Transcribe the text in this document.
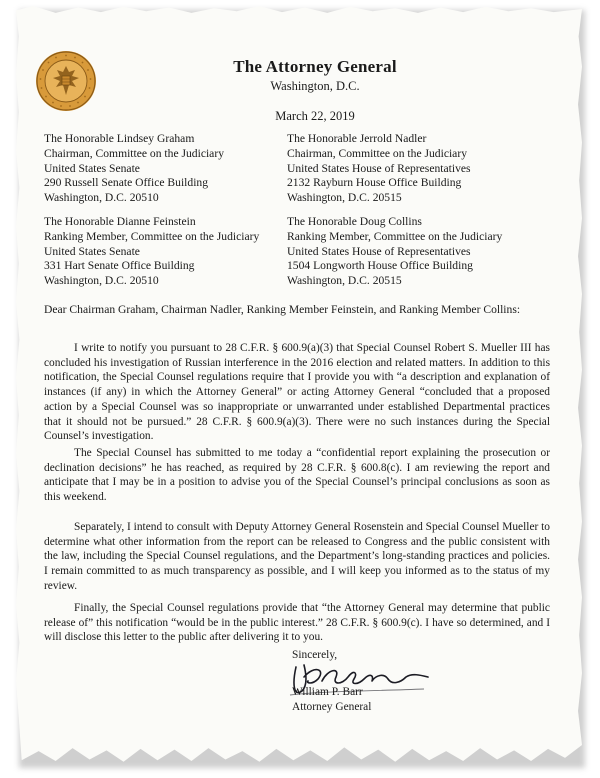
The Attorney General
Washington, D.C.
March 22, 2019
The Honorable Lindsey Graham
Chairman, Committee on the Judiciary
United States Senate
290 Russell Senate Office Building
Washington, D.C. 20510
The Honorable Jerrold Nadler
Chairman, Committee on the Judiciary
United States House of Representatives
2132 Rayburn House Office Building
Washington, D.C. 20515
The Honorable Dianne Feinstein
Ranking Member, Committee on the Judiciary
United States Senate
331 Hart Senate Office Building
Washington, D.C. 20510
The Honorable Doug Collins
Ranking Member, Committee on the Judiciary
United States House of Representatives
1504 Longworth House Office Building
Washington, D.C. 20515
Dear Chairman Graham, Chairman Nadler, Ranking Member Feinstein, and Ranking Member Collins:

I write to notify you pursuant to 28 C.F.R. § 600.9(a)(3) that Special Counsel Robert S. Mueller III has concluded his investigation of Russian interference in the 2016 election and related matters. In addition to this notification, the Special Counsel regulations require that I provide you with “a description and explanation of instances (if any) in which the Attorney General” or acting Attorney General “concluded that a proposed action by a Special Counsel was so inappropriate or unwarranted under established Departmental practices that it should not be pursued.” 28 C.F.R. § 600.9(a)(3). There were no such instances during the Special Counsel’s investigation.

The Special Counsel has submitted to me today a “confidential report explaining the prosecution or declination decisions” he has reached, as required by 28 C.F.R. § 600.8(c). I am reviewing the report and anticipate that I may be in a position to advise you of the Special Counsel’s principal conclusions as soon as this weekend.

Separately, I intend to consult with Deputy Attorney General Rosenstein and Special Counsel Mueller to determine what other information from the report can be released to Congress and the public consistent with the law, including the Special Counsel regulations, and the Department’s long-standing practices and policies. I remain committed to as much transparency as possible, and I will keep you informed as to the status of my review.

Finally, the Special Counsel regulations provide that “the Attorney General may determine that public release of” this notification “would be in the public interest.” 28 C.F.R. § 600.9(c). I have so determined, and I will disclose this letter to the public after delivering it to you.

Sincerely,
William P. Barr
Attorney General
